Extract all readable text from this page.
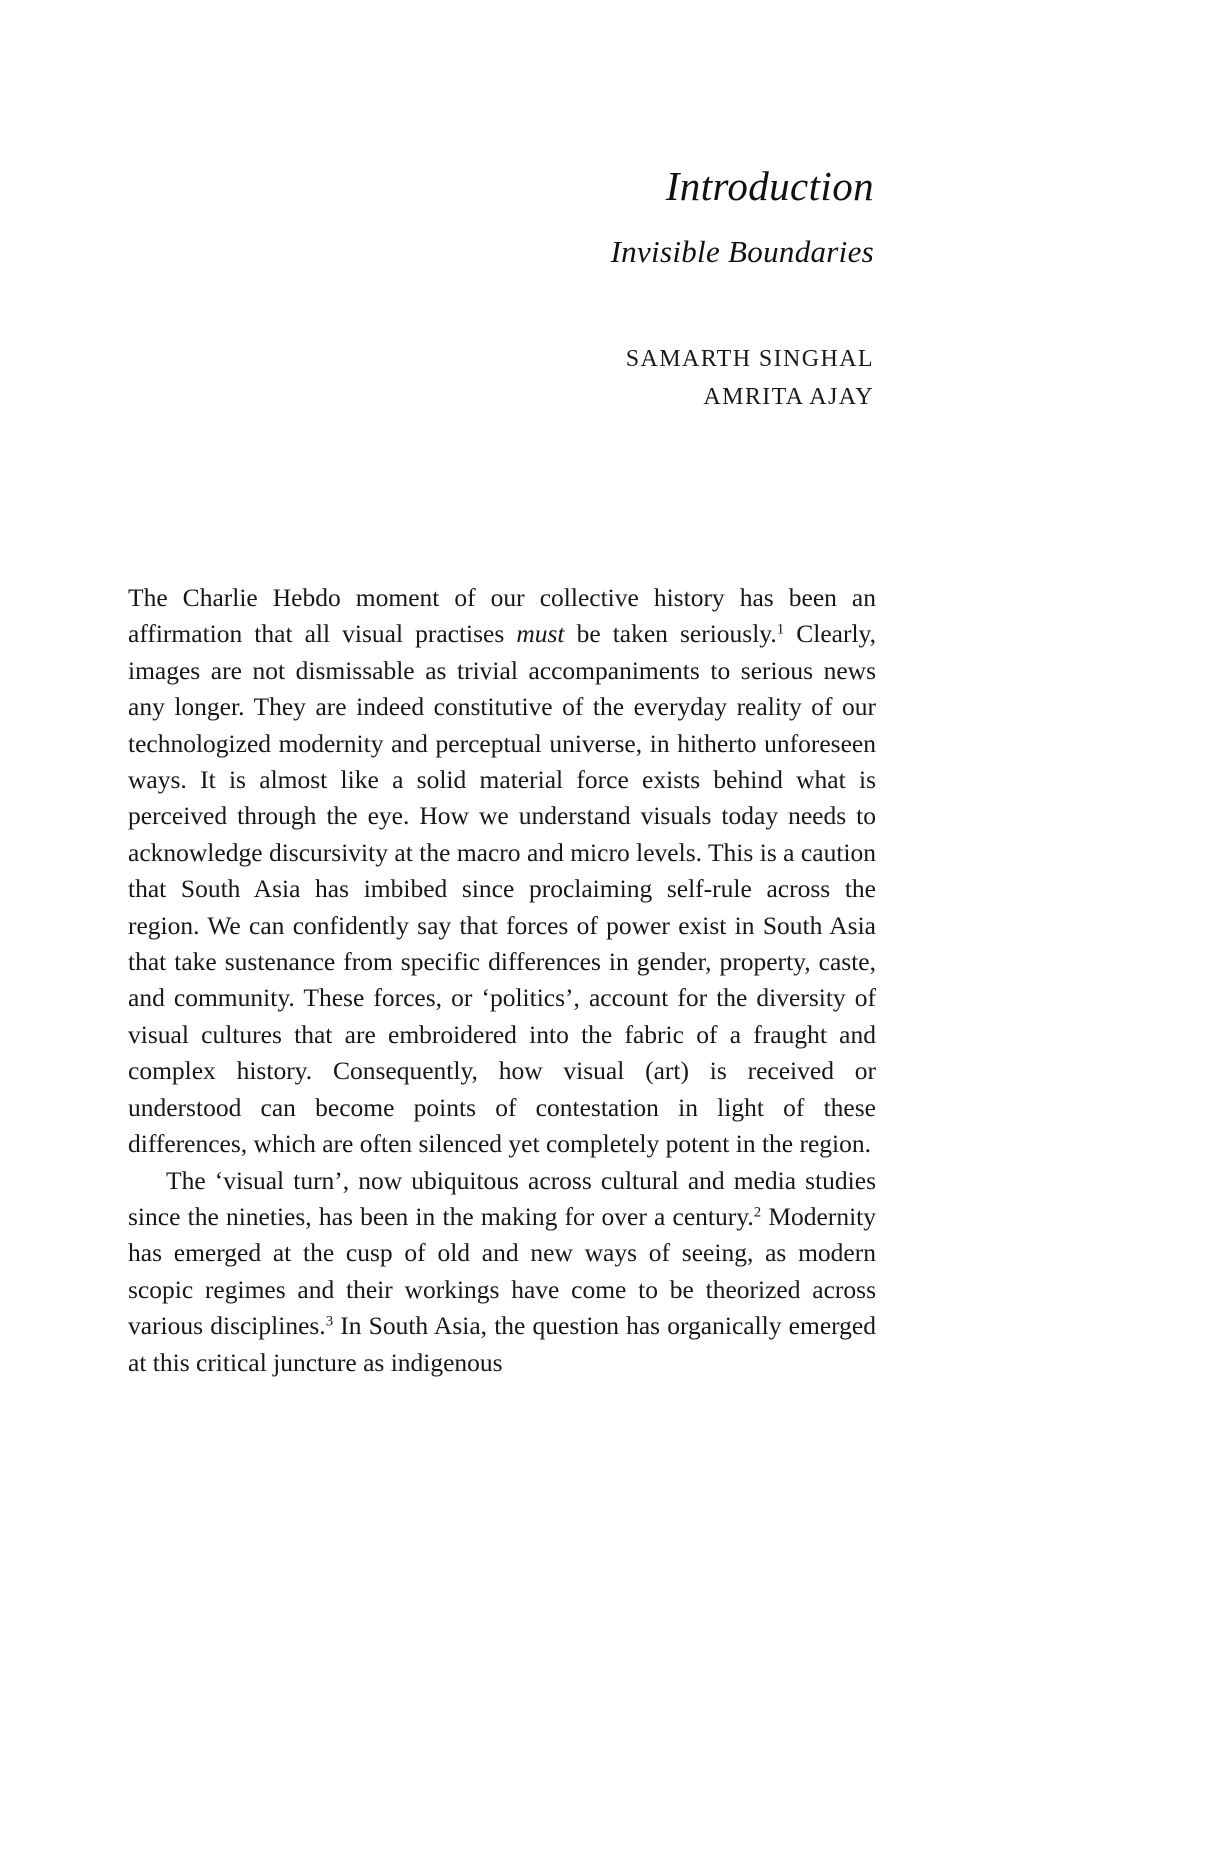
Introduction
Invisible Boundaries
SAMARTH SINGHAL
AMRITA AJAY

The Charlie Hebdo moment of our collective history has been an affirmation that all visual practises must be taken seriously.$^1$ Clearly, images are not dismissable as trivial accompaniments to serious news any longer. They are indeed constitutive of the everyday reality of our technologized modernity and perceptual universe, in hitherto unforeseen ways. It is almost like a solid material force exists behind what is perceived through the eye. How we understand visuals today needs to acknowledge discursivity at the macro and micro levels. This is a caution that South Asia has imbibed since proclaiming self-rule across the region. We can confidently say that forces of power exist in South Asia that take sustenance from specific differences in gender, property, caste, and community. These forces, or ‘politics’, account for the diversity of visual cultures that are embroidered into the fabric of a fraught and complex history. Consequently, how visual (art) is received or understood can become points of contestation in light of these differences, which are often silenced yet completely potent in the region.

The ‘visual turn’, now ubiquitous across cultural and media studies since the nineties, has been in the making for over a century.$^2$ Modernity has emerged at the cusp of old and new ways of seeing, as modern scopic regimes and their workings have come to be theorized across various disciplines.$^3$ In South Asia, the question has organically emerged at this critical juncture as indigenous
